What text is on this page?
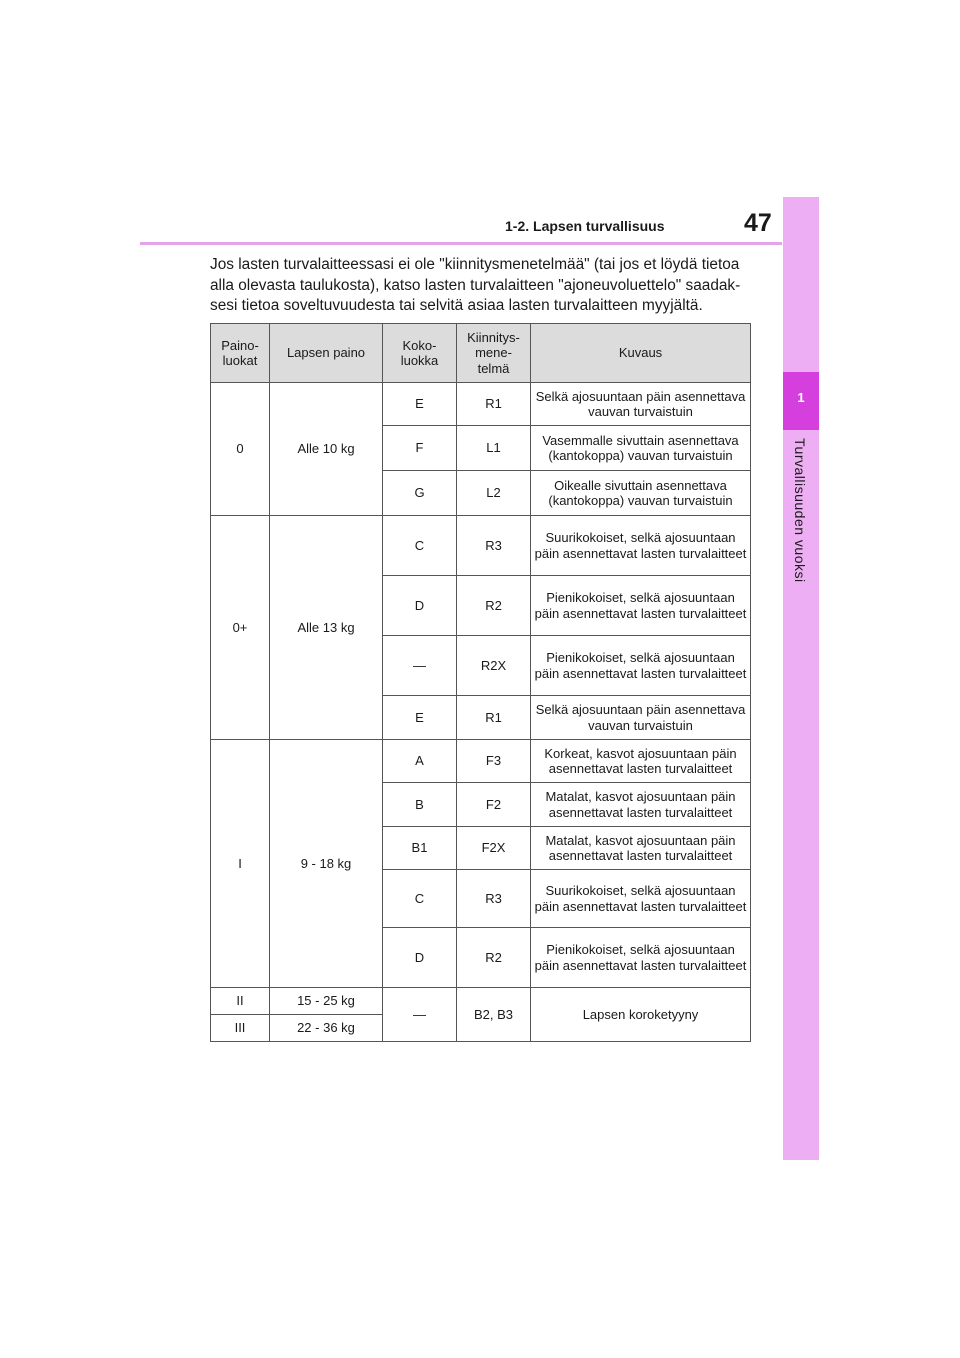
1-2. Lapsen turvallisuus	47
1
Turvallisuuden vuoksi

Jos lasten turvalaitteessasi ei ole "kiinnitysmenetelmää" (tai jos et löydä tietoa alla olevasta taulukosta), katso lasten turvalaitteen "ajoneuvoluettelo" saadak-sesi tietoa soveltuvuudesta tai selvitä asiaa lasten turvalaitteen myyjältä.

Paino-luokat	Lapsen paino	Koko-luokka	Kiinnitys-mene-telmä	Kuvaus
0	Alle 10 kg	E	R1	Selkä ajosuuntaan päin asennettava vauvan turvaistuin
		F	L1	Vasemmalle sivuttain asennettava (kantokoppa) vauvan turvaistuin
		G	L2	Oikealle sivuttain asennettava (kantokoppa) vauvan turvaistuin
0+	Alle 13 kg	C	R3	Suurikokoiset, selkä ajosuuntaan päin asennettavat lasten turvalaitteet
		D	R2	Pienikokoiset, selkä ajosuuntaan päin asennettavat lasten turvalaitteet
		—	R2X	Pienikokoiset, selkä ajosuuntaan päin asennettavat lasten turvalaitteet
		E	R1	Selkä ajosuuntaan päin asennettava vauvan turvaistuin
I	9 - 18 kg	A	F3	Korkeat, kasvot ajosuuntaan päin asennettavat lasten turvalaitteet
		B	F2	Matalat, kasvot ajosuuntaan päin asennettavat lasten turvalaitteet
		B1	F2X	Matalat, kasvot ajosuuntaan päin asennettavat lasten turvalaitteet
		C	R3	Suurikokoiset, selkä ajosuuntaan päin asennettavat lasten turvalaitteet
		D	R2	Pienikokoiset, selkä ajosuuntaan päin asennettavat lasten turvalaitteet
II	15 - 25 kg	—	B2, B3	Lapsen koroketyyny
III	22 - 36 kg			
